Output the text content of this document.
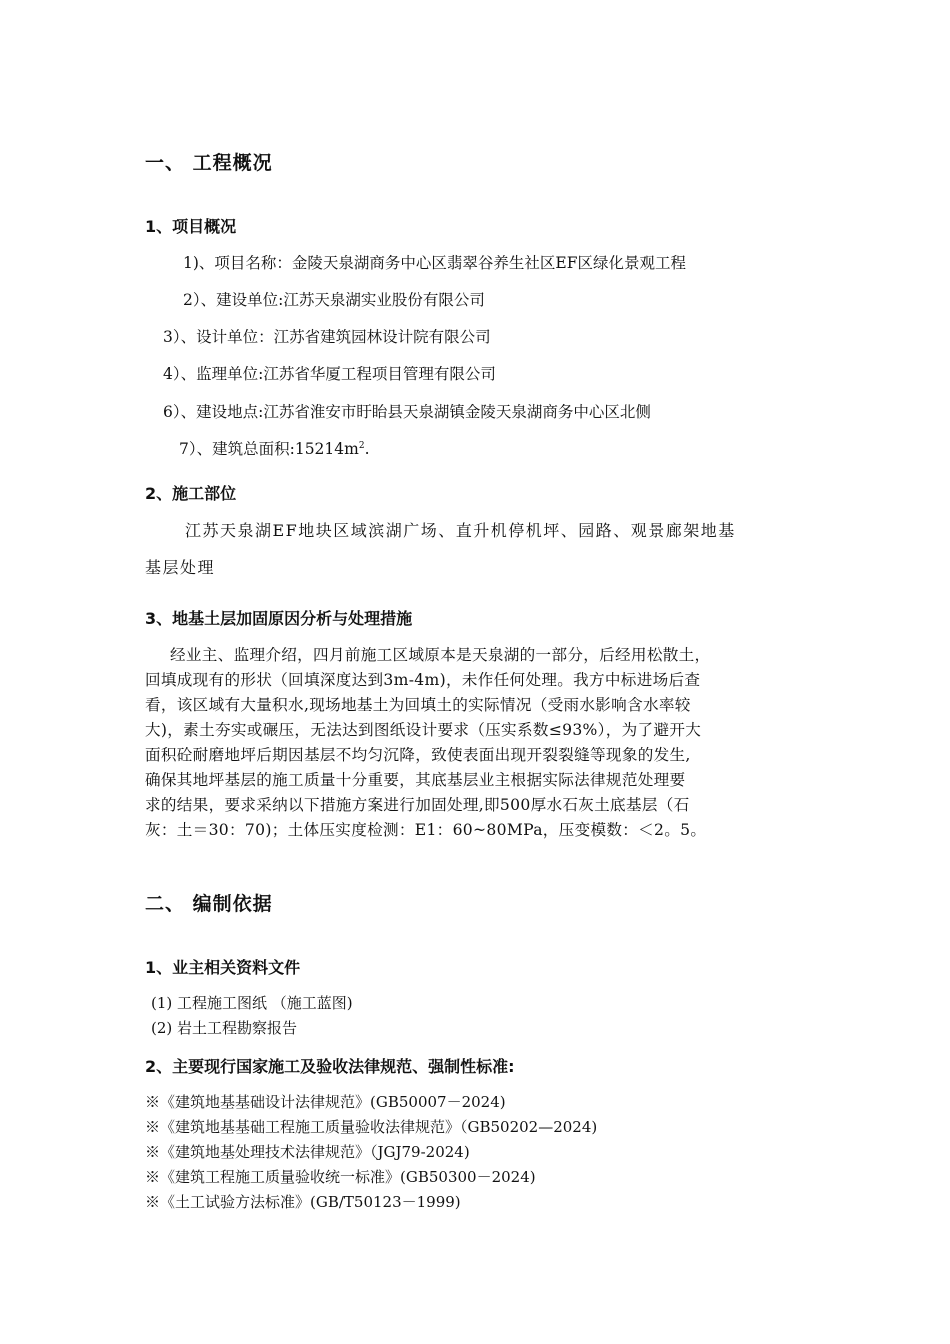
一、 工程概况
1、项目概况
1)、项目名称：金陵天泉湖商务中心区翡翠谷养生社区EF区绿化景观工程
2）、建设单位:江苏天泉湖实业股份有限公司
3）、设计单位：江苏省建筑园林设计院有限公司
4）、监理单位:江苏省华厦工程项目管理有限公司
6）、建设地点:江苏省淮安市盱眙县天泉湖镇金陵天泉湖商务中心区北侧
7）、建筑总面积$:15214m^2$.
2、施工部位
江苏天泉湖EF地块区域滨湖广场、直升机停机坪、园路、观景廊架地基
基层处理
3、地基土层加固原因分析与处理措施
经业主、监理介绍，四月前施工区域原本是天泉湖的一部分，后经用松散土，
回填成现有的形状（回填深度达到3m-4m)，未作任何处理。我方中标进场后查
看，该区域有大量积水,现场地基土为回填土的实际情况（受雨水影响含水率较
大)，素土夯实或碾压，无法达到图纸设计要求（压实系数≤93%），为了避开大
面积砼耐磨地坪后期因基层不均匀沉降，致使表面出现开裂裂缝等现象的发生,
确保其地坪基层的施工质量十分重要，其底基层业主根据实际法律规范处理要
求的结果，要求采纳以下措施方案进行加固处理,即500厚水石灰土底基层（石
灰：土＝30：70)；土体压实度检测：E1：60~80MPa，压变模数：＜2。5。
二、 编制依据
1、业主相关资料文件
(1) 工程施工图纸 （施工蓝图)
(2) 岩土工程勘察报告
2、主要现行国家施工及验收法律规范、强制性标准:
※《建筑地基基础设计法律规范》(GB50007－2024)
※《建筑地基基础工程施工质量验收法律规范》（GB50202—2024)
※《建筑地基处理技术法律规范》（JGJ79-2024)
※《建筑工程施工质量验收统一标准》(GB50300－2024)
※《土工试验方法标准》(GB/T50123－1999)
